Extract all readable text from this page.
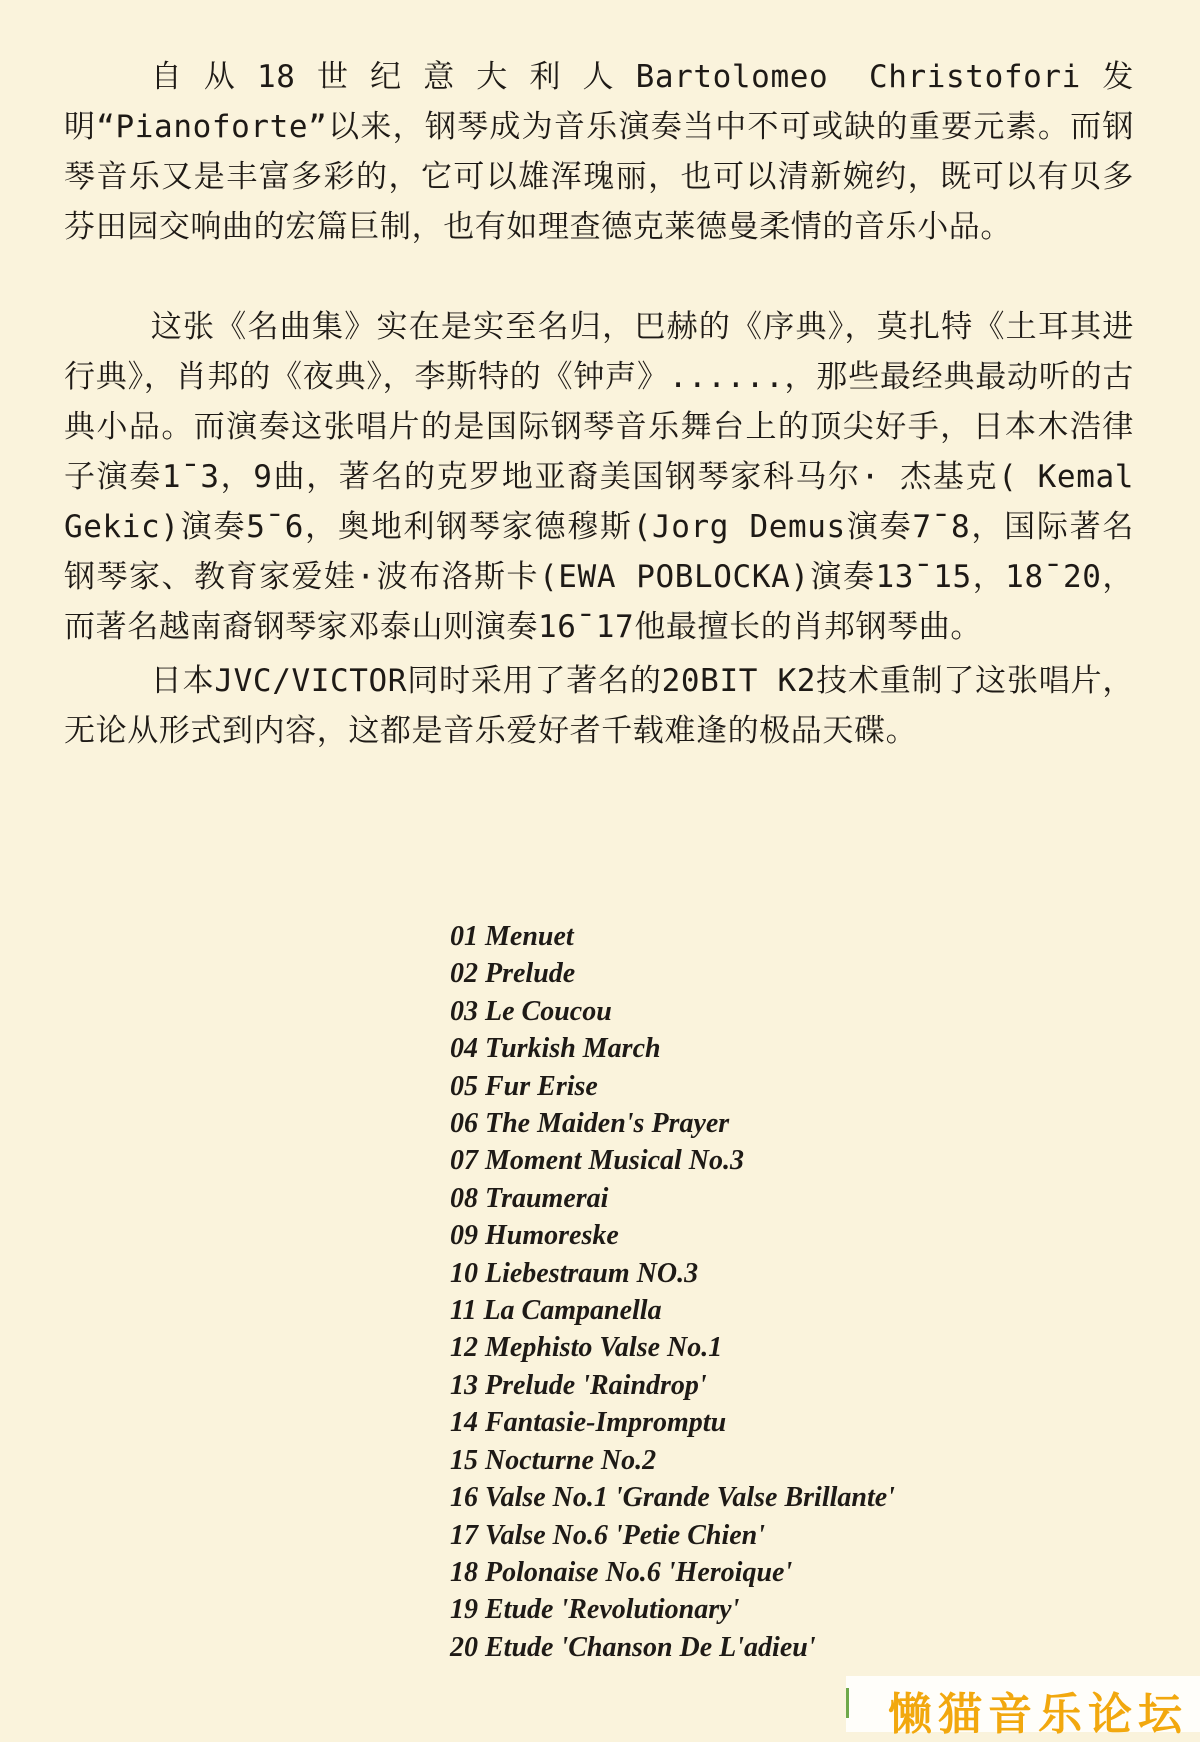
自从18世纪意大利人Bartolomeo Christofori发明“Pianoforte”以来，钢琴成为音乐演奏当中不可或缺的重要元素。而钢琴音乐又是丰富多彩的，它可以雄浑瑰丽，也可以清新婉约，既可以有贝多芬田园交响曲的宏篇巨制，也有如理查德克莱德曼柔情的音乐小品。

这张《名曲集》实在是实至名归，巴赫的《序典》，莫扎特《土耳其进行典》，肖邦的《夜典》，李斯特的《钟声》......，那些最经典最动听的古典小品。而演奏这张唱片的是国际钢琴音乐舞台上的顶尖好手，日本木浩律子演奏1¯3，9曲，著名的克罗地亚裔美国钢琴家科马尔· 杰基克( Kemal Gekic)演奏5¯6，奥地利钢琴家德穆斯(Jorg Demus演奏7¯8，国际著名钢琴家、教育家爱娃·波布洛斯卡(EWA POBLOCKA)演奏13¯15，18¯20，而著名越南裔钢琴家邓泰山则演奏16¯17他最擅长的肖邦钢琴曲。

日本JVC/VICTOR同时采用了著名的20BIT K2技术重制了这张唱片，无论从形式到内容，这都是音乐爱好者千载难逢的极品天碟。

01 Menuet
02 Prelude
03 Le Coucou
04 Turkish March
05 Fur Erise
06 The Maiden's Prayer
07 Moment Musical No.3
08 Traumerai
09 Humoreske
10 Liebestraum NO.3
11 La Campanella
12 Mephisto Valse No.1
13 Prelude 'Raindrop'
14 Fantasie-Impromptu
15 Nocturne No.2
16 Valse No.1 'Grande Valse Brillante'
17 Valse No.6 'Petie Chien'
18 Polonaise No.6 'Heroique'
19 Etude 'Revolutionary'
20 Etude 'Chanson De L'adieu'
懒猫音乐论坛
